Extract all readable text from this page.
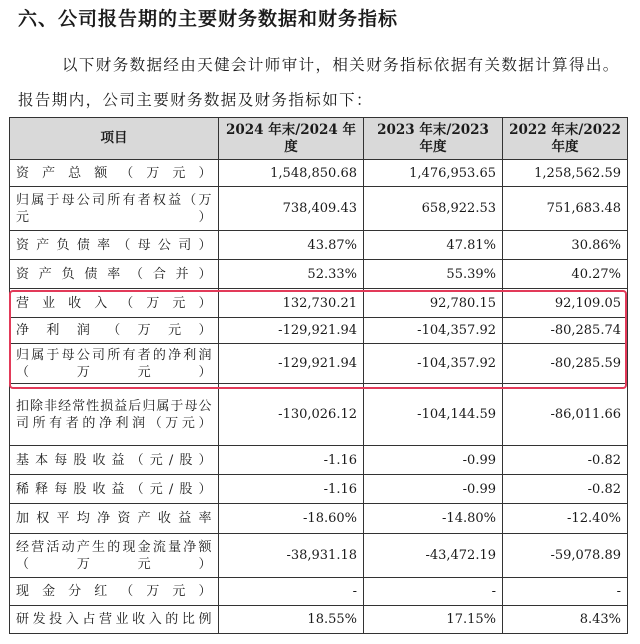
六、公司报告期的主要财务数据和财务指标
以下财务数据经由天健会计师审计，相关财务指标依据有关数据计算得出。
报告期内，公司主要财务数据及财务指标如下：
项目	2024 年末/2024 年度	2023 年末/2023 年度	2022 年末/2022 年度
资产总额（万元）	1,548,850.68	1,476,953.65	1,258,562.59
归属于母公司所有者权益（万元）	738,409.43	658,922.53	751,683.48
资产负债率（母公司）	43.87%	47.81%	30.86%
资产负债率（合并）	52.33%	55.39%	40.27%
营业收入（万元）	132,730.21	92,780.15	92,109.05
净利润（万元）	-129,921.94	-104,357.92	-80,285.74
归属于母公司所有者的净利润（万元）	-129,921.94	-104,357.92	-80,285.59
扣除非经常性损益后归属于母公司所有者的净利润（万元）	-130,026.12	-104,144.59	-86,011.66
基本每股收益（元/股）	-1.16	-0.99	-0.82
稀释每股收益（元/股）	-1.16	-0.99	-0.82
加权平均净资产收益率	-18.60%	-14.80%	-12.40%
经营活动产生的现金流量净额（万元）	-38,931.18	-43,472.19	-59,078.89
现金分红（万元）	-	-	-
研发投入占营业收入的比例	18.55%	17.15%	8.43%
